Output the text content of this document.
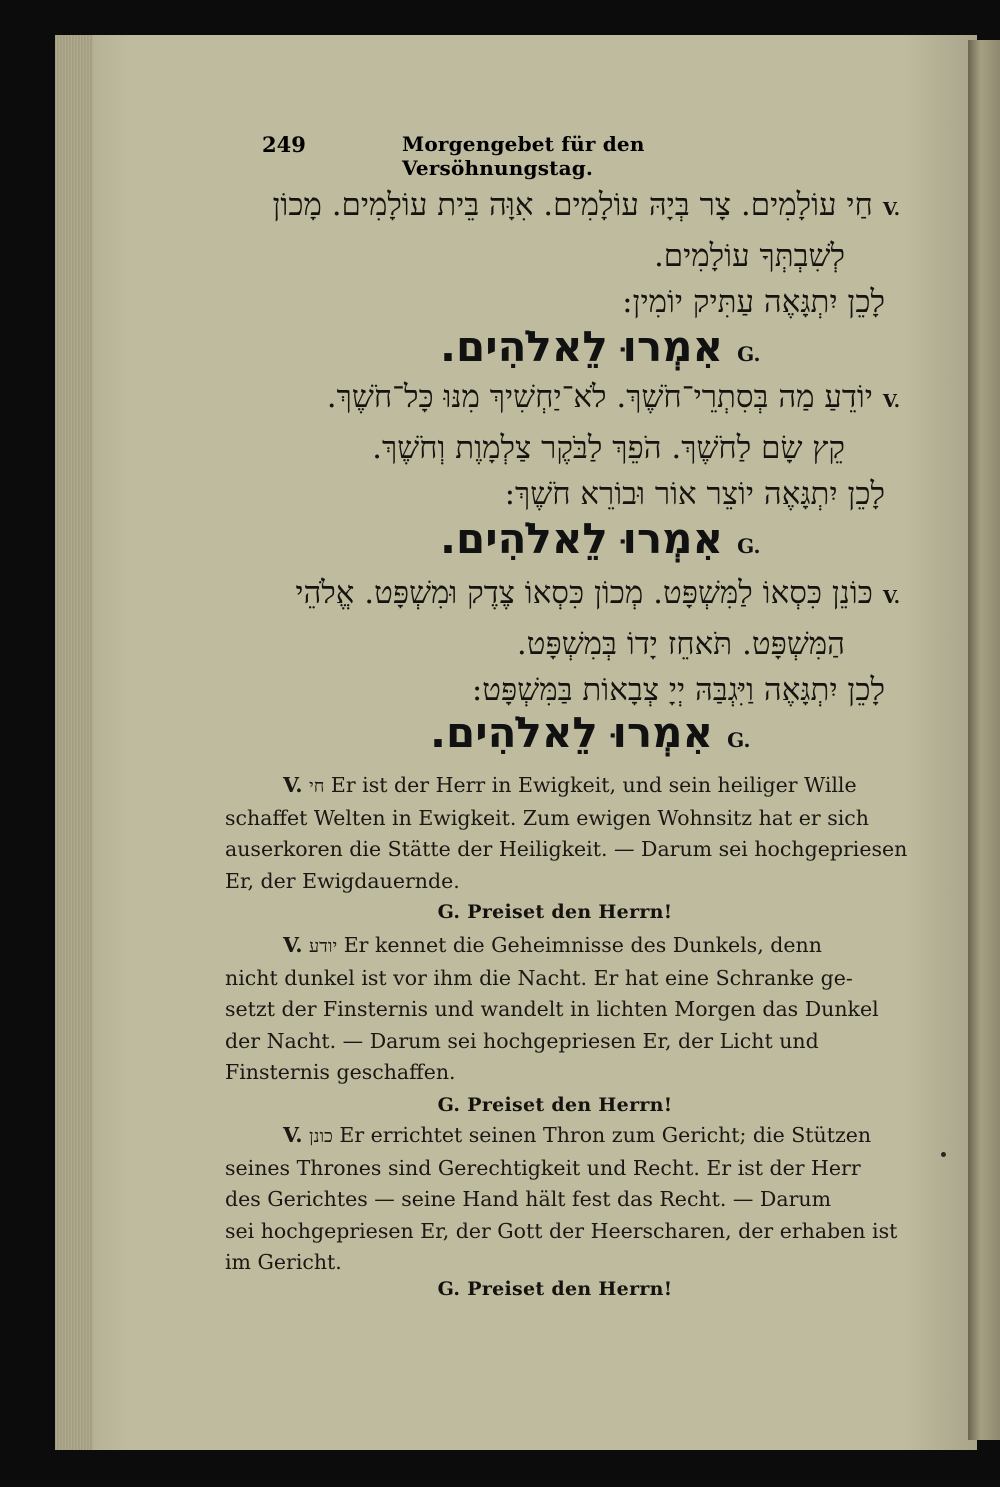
249	Morgengebet für den Versöhnungstag.
V.חַי עוֹלָמִים. צָר בְּיָהּ עוֹלָמִים. אִוָּה בֵּית עוֹלָמִים. מָכוֹן
לְשִׁבְתְּךָ עוֹלָמִים.
לָכֵן יִתְגָּאֶה עַתִּיק יוֹמִין:
G.אִמְרוּ לֵאלֹהִים.
V.יוֹדֵעַ מַה בְּסִתְרֵי־חֹשֶׁךְ. לֹא־יַחְשִׁיךְ מִנּוּ כָּל־חֹשֶׁךְ.
קֵץ שָׂם לַחֹשֶׁךְ. הֹפֵךְ לַבֹּקֶר צַלְמָוֶת וְחֹשֶׁךְ.
לָכֵן יִתְגָּאֶה יוֹצֵר אוֹר וּבוֹרֵא חֹשֶׁךְ:
G.אִמְרוּ לֵאלֹהִים.
V.כּוֹנֵן כִּסְאוֹ לַמִּשְׁפָּט. מְכוֹן כִּסְאוֹ צֶדֶק וּמִשְׁפָּט. אֱלֹהֵי
הַמִּשְׁפָּט. תֹּאחֵז יָדוֹ בְּמִשְׁפָּט.
לָכֵן יִתְגָּאֶה וַיִּגְבַּהּ יְיָ צְבָאוֹת בַּמִּשְׁפָּט:
G.אִמְרוּ לֵאלֹהִים.
V. חי Er ist der Herr in Ewigkeit, und sein heiliger Wille
schaffet Welten in Ewigkeit. Zum ewigen Wohnsitz hat er sich
auserkoren die Stätte der Heiligkeit. — Darum sei hochgepriesen
Er, der Ewigdauernde.
G. Preiset den Herrn!
V. יודע Er kennet die Geheimnisse des Dunkels, denn
nicht dunkel ist vor ihm die Nacht. Er hat eine Schranke ge-
setzt der Finsternis und wandelt in lichten Morgen das Dunkel
der Nacht. — Darum sei hochgepriesen Er, der Licht und
Finsternis geschaffen.
G. Preiset den Herrn!
V. כונן Er errichtet seinen Thron zum Gericht; die Stützen
seines Thrones sind Gerechtigkeit und Recht. Er ist der Herr
des Gerichtes — seine Hand hält fest das Recht. — Darum
sei hochgepriesen Er, der Gott der Heerscharen, der erhaben ist
im Gericht.
G. Preiset den Herrn!
